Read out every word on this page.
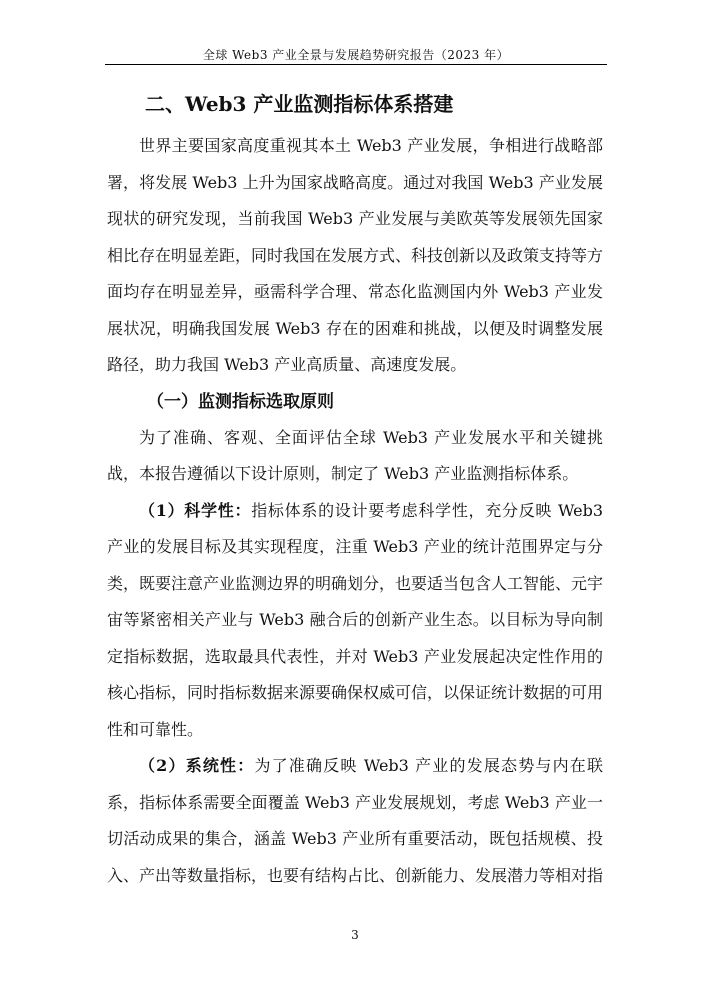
全球 Web3 产业全景与发展趋势研究报告（2023 年）
二、Web3 产业监测指标体系搭建

世界主要国家高度重视其本土 Web3 产业发展，争相进行战略部署，将发展 Web3 上升为国家战略高度。通过对我国 Web3 产业发展现状的研究发现，当前我国 Web3 产业发展与美欧英等发展领先国家相比存在明显差距，同时我国在发展方式、科技创新以及政策支持等方面均存在明显差异，亟需科学合理、常态化监测国内外 Web3 产业发展状况，明确我国发展 Web3 存在的困难和挑战，以便及时调整发展路径，助力我国 Web3 产业高质量、高速度发展。

（一）监测指标选取原则

为了准确、客观、全面评估全球 Web3 产业发展水平和关键挑战，本报告遵循以下设计原则，制定了 Web3 产业监测指标体系。

（1）科学性：指标体系的设计要考虑科学性，充分反映 Web3 产业的发展目标及其实现程度，注重 Web3 产业的统计范围界定与分类，既要注意产业监测边界的明确划分，也要适当包含人工智能、元宇宙等紧密相关产业与 Web3 融合后的创新产业生态。以目标为导向制定指标数据，选取最具代表性，并对 Web3 产业发展起决定性作用的核心指标，同时指标数据来源要确保权威可信，以保证统计数据的可用性和可靠性。

（2）系统性：为了准确反映 Web3 产业的发展态势与内在联系，指标体系需要全面覆盖 Web3 产业发展规划，考虑 Web3 产业一切活动成果的集合，涵盖 Web3 产业所有重要活动，既包括规模、投入、产出等数量指标，也要有结构占比、创新能力、发展潜力等相对指

3
